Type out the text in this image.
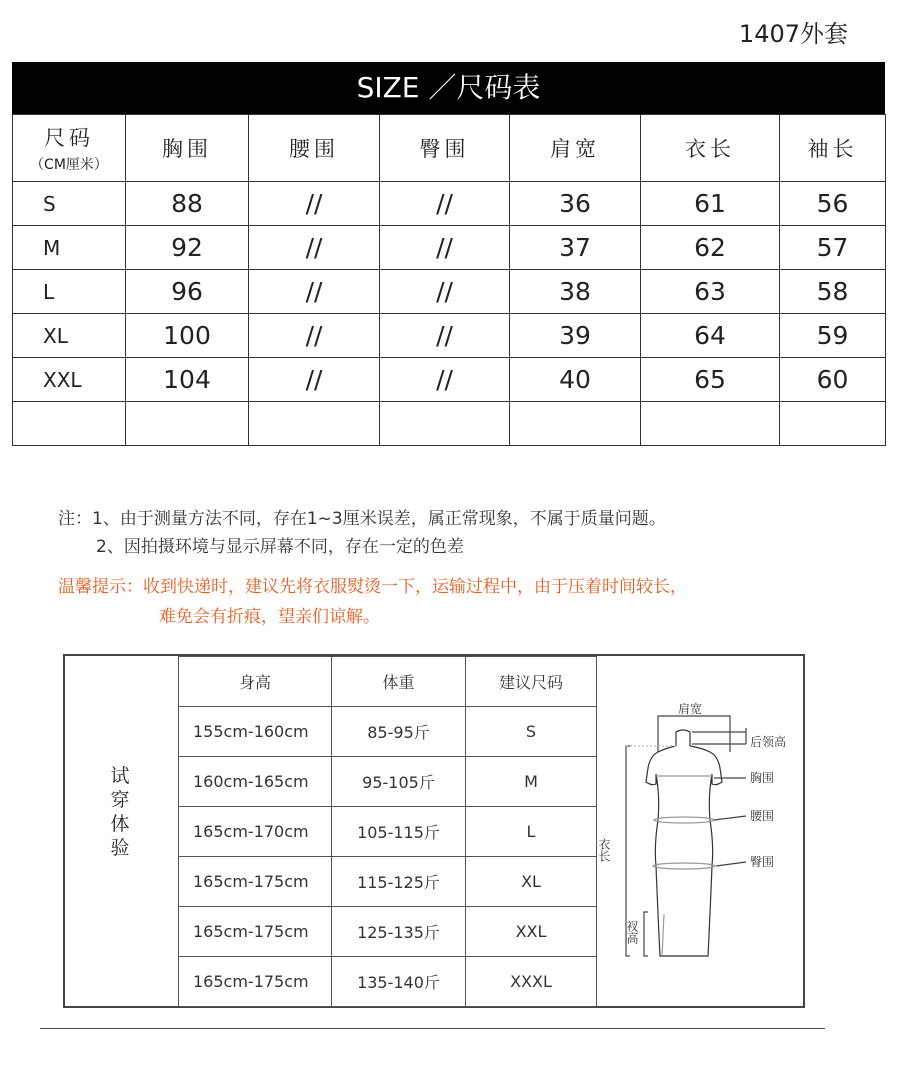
1407外套
SIZE ／尺码表
尺码
（CM厘米）	胸围	腰围	臀围	肩宽	衣长	袖长

S	88	//	//	36	61	56
M	92	//	//	37	62	57
L	96	//	//	38	63	58
XL	100	//	//	39	64	59
XXL	104	//	//	40	65	60

注：1、由于测量方法不同，存在1~3厘米误差，属正常现象，不属于质量问题。
2、因拍摄环境与显示屏幕不同，存在一定的色差
温馨提示：收到快递时，建议先将衣服熨烫一下，运输过程中，由于压着时间较长，
难免会有折痕，望亲们谅解。
试穿体验
身高	体重	建议尺码
155cm-160cm	85-95斤	S
160cm-165cm	95-105斤	M
165cm-170cm	105-115斤	L
165cm-175cm	115-125斤	XL
165cm-175cm	125-135斤	XXL
165cm-175cm	135-140斤	XXXL
肩宽
后领高
胸围
腰围
臀围
衣长
衩高
